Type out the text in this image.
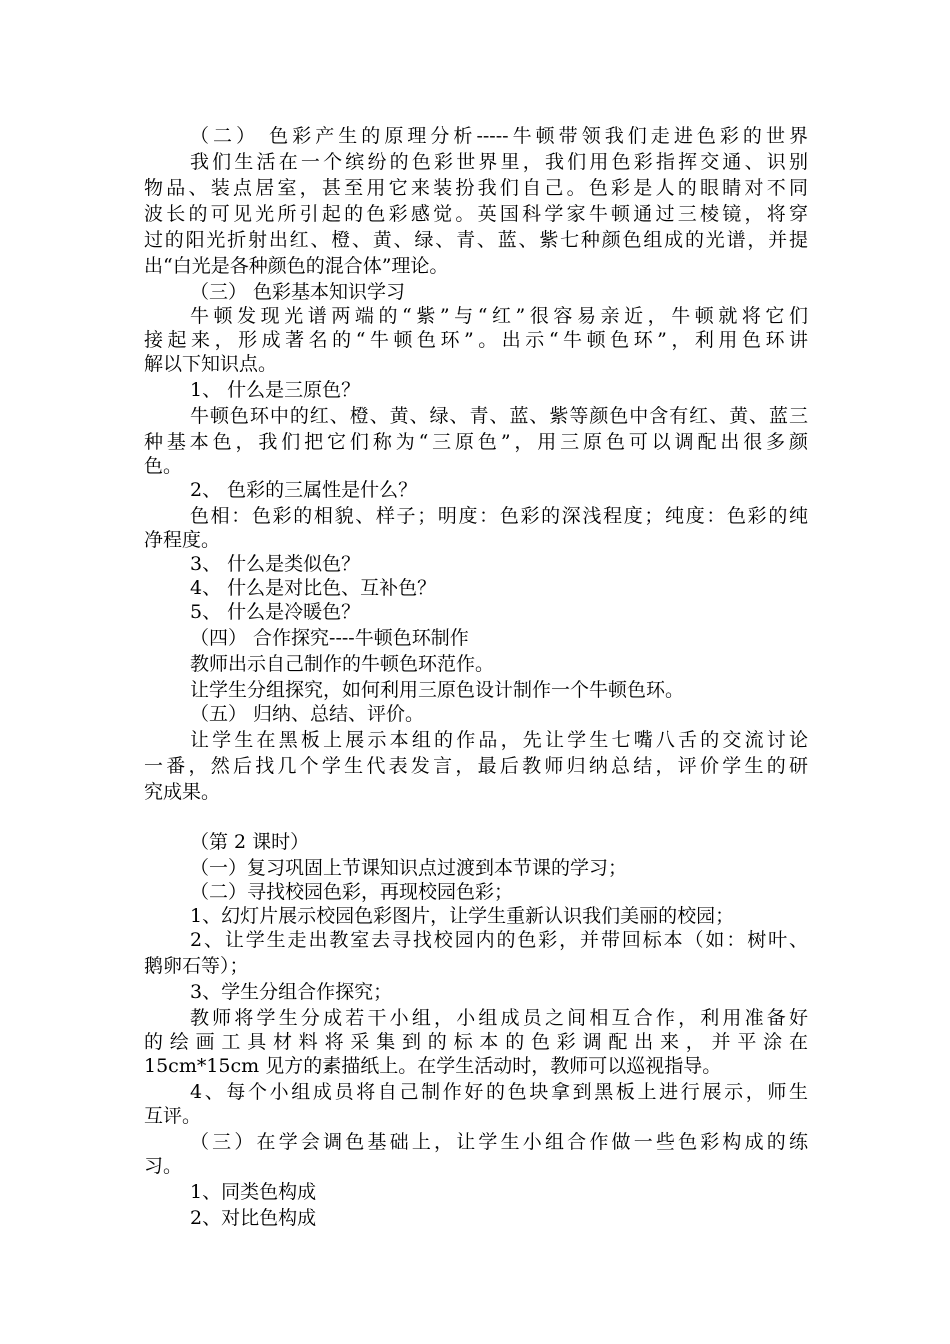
（二） 色彩产生的原理分析-----牛顿带领我们走进色彩的世界
我们生活在一个缤纷的色彩世界里，我们用色彩指挥交通、识别
物品、装点居室，甚至用它来装扮我们自己。色彩是人的眼睛对不同
波长的可见光所引起的色彩感觉。英国科学家牛顿通过三棱镜，将穿
过的阳光折射出红、橙、黄、绿、青、蓝、紫七种颜色组成的光谱，并提
出“白光是各种颜色的混合体”理论。
（三） 色彩基本知识学习
牛顿发现光谱两端的“紫”与“红”很容易亲近，牛顿就将它们
接起来，形成著名的“牛顿色环”。出示“牛顿色环”，利用色环讲
解以下知识点。
1、 什么是三原色？
牛顿色环中的红、橙、黄、绿、青、蓝、紫等颜色中含有红、黄、蓝三
种基本色，我们把它们称为“三原色”，用三原色可以调配出很多颜
色。
2、 色彩的三属性是什么？
色相：色彩的相貌、样子；明度：色彩的深浅程度；纯度：色彩的纯
净程度。
3、 什么是类似色？
4、 什么是对比色、互补色？
5、 什么是冷暖色？
（四） 合作探究----牛顿色环制作
教师出示自己制作的牛顿色环范作。
让学生分组探究，如何利用三原色设计制作一个牛顿色环。
（五） 归纳、总结、评价。
让学生在黑板上展示本组的作品，先让学生七嘴八舌的交流讨论
一番，然后找几个学生代表发言，最后教师归纳总结，评价学生的研
究成果。
（第 2 课时）
（一）复习巩固上节课知识点过渡到本节课的学习；
（二）寻找校园色彩，再现校园色彩；
1、幻灯片展示校园色彩图片，让学生重新认识我们美丽的校园；
2、让学生走出教室去寻找校园内的色彩，并带回标本（如：树叶、
鹅卵石等）；
3、学生分组合作探究；
教师将学生分成若干小组，小组成员之间相互合作，利用准备好
的绘画工具材料将采集到的标本的色彩调配出来，并平涂在
15cm*15cm 见方的素描纸上。在学生活动时，教师可以巡视指导。
4、每个小组成员将自己制作好的色块拿到黑板上进行展示，师生
互评。
（三）在学会调色基础上，让学生小组合作做一些色彩构成的练
习。
1、同类色构成
2、对比色构成
